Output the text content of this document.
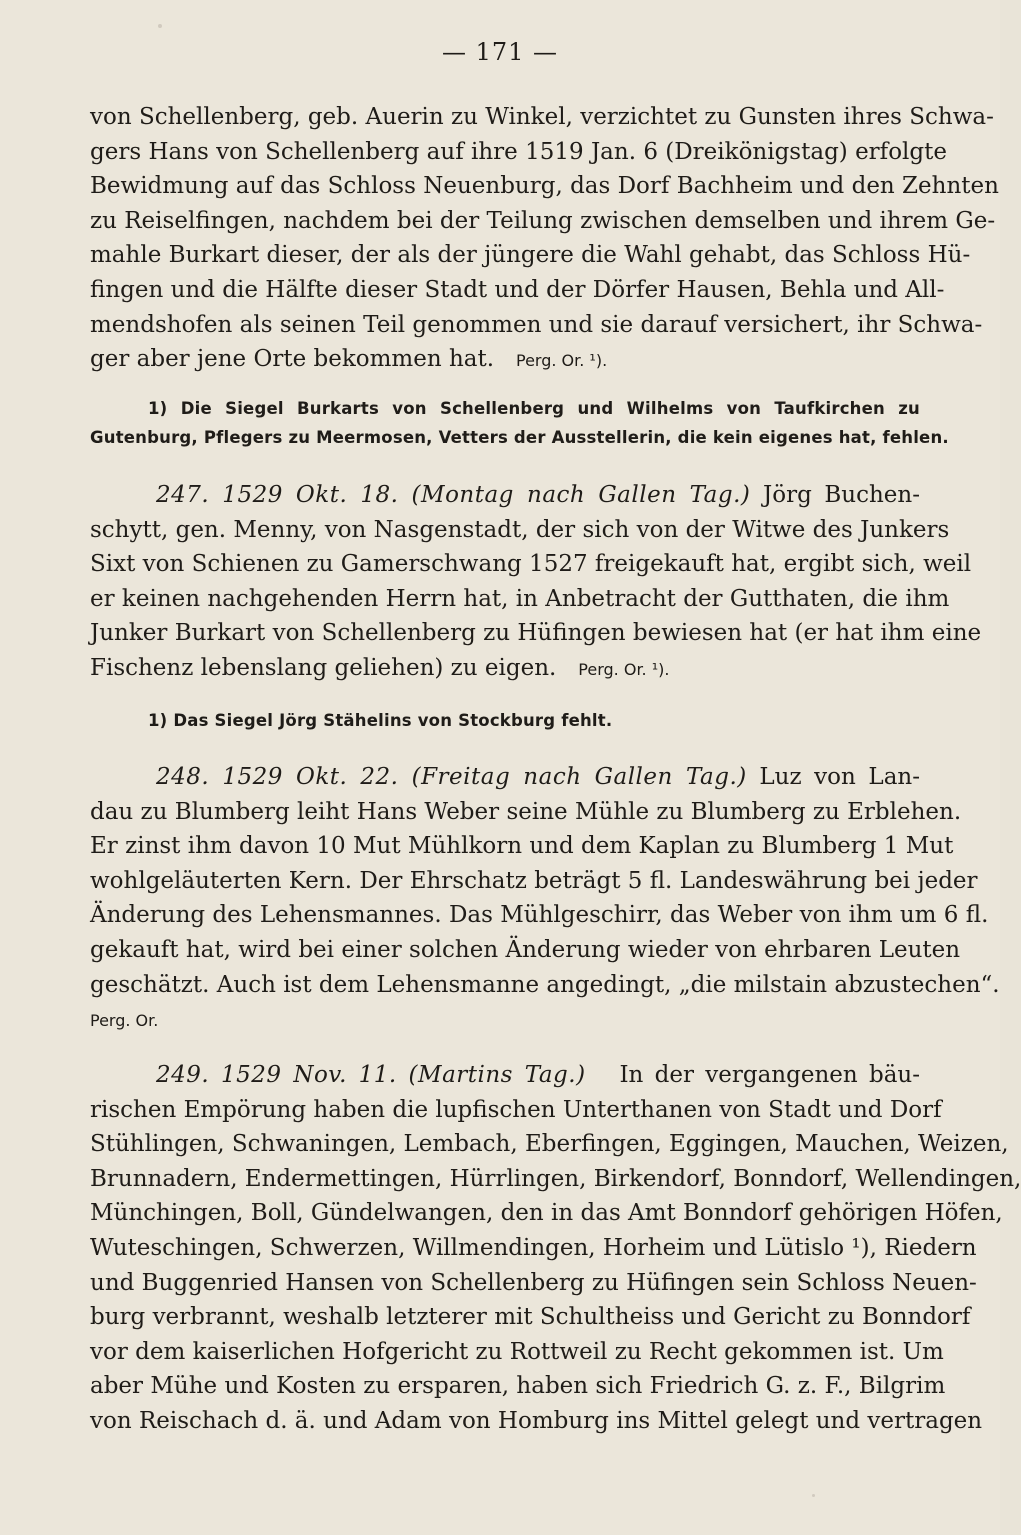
— 171 —
von Schellenberg, geb. Auerin zu Winkel, verzichtet zu Gunsten ihres Schwa-
gers Hans von Schellenberg auf ihre 1519 Jan. 6 (Dreikönigstag) erfolgte
Bewidmung auf das Schloss Neuenburg, das Dorf Bachheim und den Zehnten
zu Reiselfingen, nachdem bei der Teilung zwischen demselben und ihrem Ge-
mahle Burkart dieser, der als der jüngere die Wahl gehabt, das Schloss Hü-
fingen und die Hälfte dieser Stadt und der Dörfer Hausen, Behla und All-
mendshofen als seinen Teil genommen und sie darauf versichert, ihr Schwa-
ger aber jene Orte bekommen hat. Perg. Or. ¹).
1) Die Siegel Burkarts von Schellenberg und Wilhelms von Taufkirchen zu
Gutenburg, Pflegers zu Meermosen, Vetters der Ausstellerin, die kein eigenes hat, fehlen.
247. 1529 Okt. 18. (Montag nach Gallen Tag.) Jörg Buchen-
schytt, gen. Menny, von Nasgenstadt, der sich von der Witwe des Junkers
Sixt von Schienen zu Gamerschwang 1527 freigekauft hat, ergibt sich, weil
er keinen nachgehenden Herrn hat, in Anbetracht der Gutthaten, die ihm
Junker Burkart von Schellenberg zu Hüfingen bewiesen hat (er hat ihm eine
Fischenz lebenslang geliehen) zu eigen. Perg. Or. ¹).
1) Das Siegel Jörg Stähelins von Stockburg fehlt.
248. 1529 Okt. 22. (Freitag nach Gallen Tag.) Luz von Lan-
dau zu Blumberg leiht Hans Weber seine Mühle zu Blumberg zu Erblehen.
Er zinst ihm davon 10 Mut Mühlkorn und dem Kaplan zu Blumberg 1 Mut
wohlgeläuterten Kern. Der Ehrschatz beträgt 5 fl. Landeswährung bei jeder
Änderung des Lehensmannes. Das Mühlgeschirr, das Weber von ihm um 6 fl.
gekauft hat, wird bei einer solchen Änderung wieder von ehrbaren Leuten
geschätzt. Auch ist dem Lehensmanne angedingt, „die milstain abzustechen“.
Perg. Or.
249. 1529 Nov. 11. (Martins Tag.) In der vergangenen bäu-
rischen Empörung haben die lupfischen Unterthanen von Stadt und Dorf
Stühlingen, Schwaningen, Lembach, Eberfingen, Eggingen, Mauchen, Weizen,
Brunnadern, Endermettingen, Hürrlingen, Birkendorf, Bonndorf, Wellendingen,
Münchingen, Boll, Gündelwangen, den in das Amt Bonndorf gehörigen Höfen,
Wuteschingen, Schwerzen, Willmendingen, Horheim und Lütislo ¹), Riedern
und Buggenried Hansen von Schellenberg zu Hüfingen sein Schloss Neuen-
burg verbrannt, weshalb letzterer mit Schultheiss und Gericht zu Bonndorf
vor dem kaiserlichen Hofgericht zu Rottweil zu Recht gekommen ist. Um
aber Mühe und Kosten zu ersparen, haben sich Friedrich G. z. F., Bilgrim
von Reischach d. ä. und Adam von Homburg ins Mittel gelegt und vertragen
